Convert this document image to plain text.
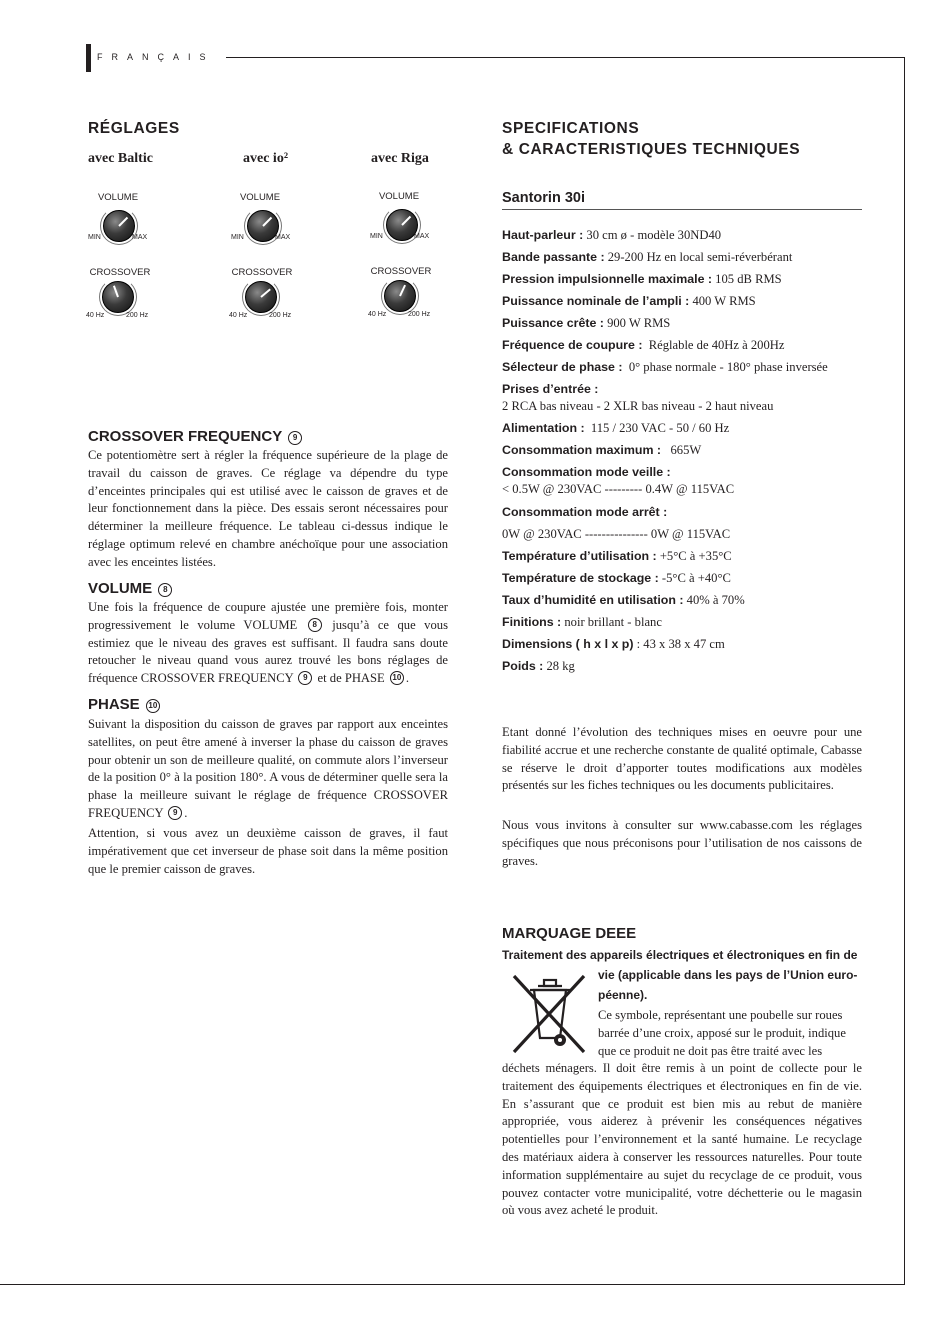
FRANÇAIS
RÉGLAGES
avec Baltic	avec io²	avec Riga
VOLUME
MIN	MAX
CROSSOVER
40 Hz	200 Hz
VOLUME
MIN	MAX
CROSSOVER
40 Hz	200 Hz
VOLUME
MIN	MAX
CROSSOVER
40 Hz	200 Hz
CROSSOVER FREQUENCY 9

Ce potentiomètre sert à régler la fréquence supérieure de la plage de travail du caisson de graves. Ce réglage va dépendre du type d’enceintes principales qui est utilisé avec le caisson de graves et de leur fonctionnement dans la pièce. Des essais seront nécessaires pour déterminer la meilleure fréquence. Le tableau ci-dessus indique le réglage optimum relevé en chambre anéchoïque pour une association avec les enceintes listées.

VOLUME 8

Une fois la fréquence de coupure ajustée une première fois, monter progressivement le volume VOLUME 8 jusqu’à ce que vous estimiez que le niveau des graves est suffisant. Il faudra sans doute retoucher le niveau quand vous aurez trouvé les bons réglages de fréquence CROSSOVER FREQUENCY 9 et de PHASE 10 .

PHASE 10

Suivant la disposition du caisson de graves par rapport aux enceintes satellites, on peut être amené à inverser la phase du caisson de graves pour obtenir un son de meilleure qualité, on commute alors l’inverseur de la position 0° à la position 180°. A vous de déterminer quelle sera la phase la meilleure suivant le réglage de fréquence CROSSOVER FREQUENCY 9 .

Attention, si vous avez un deuxième caisson de graves, il faut impérativement que cet inverseur de phase soit dans la même position que le premier caisson de graves.

SPECIFICATIONS
& CARACTERISTIQUES TECHNIQUES
Santorin 30i
Haut-parleur : 30 cm ø - modèle 30ND40
Bande passante : 29-200 Hz en local semi-réverbérant
Pression impulsionnelle maximale : 105 dB RMS
Puissance nominale de l’ampli : 400 W RMS
Puissance crête : 900 W RMS
Fréquence de coupure :  Réglable de 40Hz à 200Hz
Sélecteur de phase :  0° phase normale - 180° phase inversée
Prises d’entrée :
2 RCA bas niveau - 2 XLR bas niveau - 2 haut niveau
Alimentation :  115 / 230 VAC - 50 / 60 Hz
Consommation maximum :   665W
Consommation mode veille :
< 0.5W @ 230VAC --------- 0.4W @ 115VAC
Consommation mode arrêt :
0W @ 230VAC --------------- 0W @ 115VAC
Température d’utilisation : +5°C à +35°C
Température de stockage : -5°C à +40°C
Taux d’humidité en utilisation : 40% à 70%
Finitions : noir brillant - blanc
Dimensions ( h x l x p) : 43 x 38 x 47 cm
Poids : 28 kg

Etant donné l’évolution des techniques mises en oeuvre pour une fiabilité accrue et une recherche constante de qualité optimale, Cabasse se réserve le droit d’apporter toutes modifications aux modèles présentés sur les fiches techniques ou les documents publicitaires.

Nous vous invitons à consulter sur www.cabasse.com les réglages spécifiques que nous préconisons pour l’utilisation de nos caissons de graves.

MARQUAGE DEEE
Traitement des appareils électriques et électroniques en fin de
vie (applicable dans les pays de l’Union euro-
péenne).
Ce symbole, représentant une poubelle sur roues
barrée d’une croix, apposé sur le produit, indique
que ce produit ne doit pas être traité avec les

déchets ménagers. Il doit être remis à un point de collecte pour le traitement des équipements électriques et électroniques en fin de vie. En s’assurant que ce produit est bien mis au rebut de manière appropriée, vous aiderez à prévenir les conséquences négatives potentielles pour l’environnement et la santé humaine. Le recyclage des matériaux aidera à conserver les ressources naturelles. Pour toute information supplémentaire au sujet du recyclage de ce produit, vous pouvez contacter votre municipalité, votre déchetterie ou le magasin où vous avez acheté le produit.
